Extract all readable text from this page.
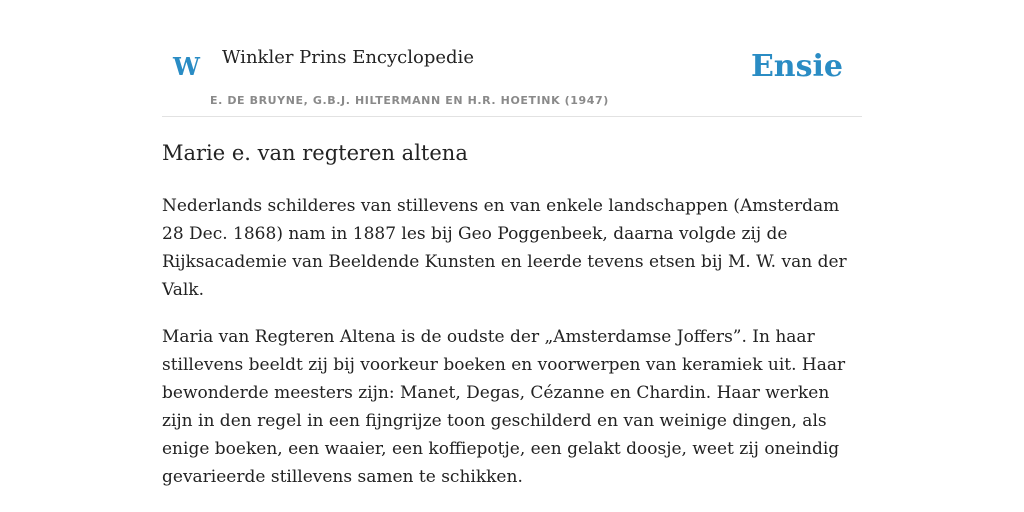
W Winkler Prins Encyclopedie
E. DE BRUYNE, G.B.J. HILTERMANN EN H.R. HOETINK (1947)
Ensie
Marie e. van regteren altena

Nederlands schilderes van stillevens en van enkele landschappen (Amsterdam 28 Dec. 1868) nam in 1887 les bij Geo Poggenbeek, daarna volgde zij de Rijksacademie van Beeldende Kunsten en leerde tevens etsen bij M. W. van der Valk.

Maria van Regteren Altena is de oudste der „Amsterdamse Joffers”. In haar stillevens beeldt zij bij voorkeur boeken en voorwerpen van keramiek uit. Haar bewonderde meesters zijn: Manet, Degas, Cézanne en Chardin. Haar werken zijn in den regel in een fijngrijze toon geschilderd en van weinige dingen, als enige boeken, een waaier, een koffiepotje, een gelakt doosje, weet zij oneindig gevarieerde stillevens samen te schikken.
